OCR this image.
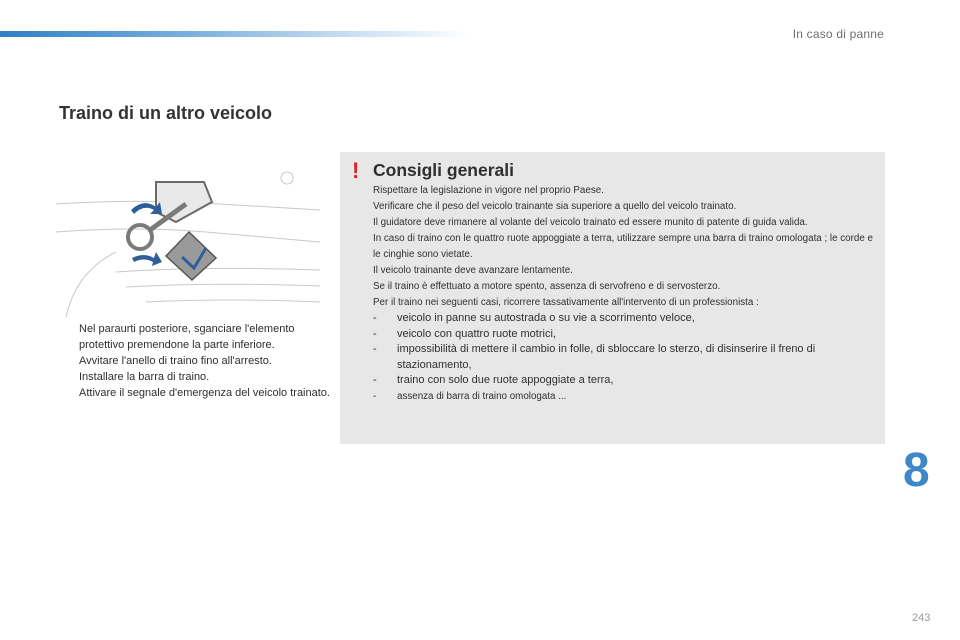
In caso di panne
Traino di un altro veicolo
Nel paraurti posteriore, sganciare l'elemento protettivo premendone la parte inferiore.
Avvitare l'anello di traino fino all'arresto.
Installare la barra di traino.
Attivare il segnale d'emergenza del veicolo trainato.
! Consigli generali

Rispettare la legislazione in vigore nel proprio Paese.

Verificare che il peso del veicolo trainante sia superiore a quello del veicolo trainato.

Il guidatore deve rimanere al volante del veicolo trainato ed essere munito di patente di guida valida.

In caso di traino con le quattro ruote appoggiate a terra, utilizzare sempre una barra di traino omologata ; le corde e le cinghie sono vietate.

Il veicolo trainante deve avanzare lentamente.

Se il traino è effettuato a motore spento, assenza di servofreno e di servosterzo.

Per il traino nei seguenti casi, ricorrere tassativamente all'intervento di un professionista :

- veicolo in panne su autostrada o su vie a scorrimento veloce,
- veicolo con quattro ruote motrici,
- impossibilità di mettere il cambio in folle, di sbloccare lo sterzo, di disinserire il freno di stazionamento,
- traino con solo due ruote appoggiate a terra,
- assenza di barra di traino omologata ...
8
243
